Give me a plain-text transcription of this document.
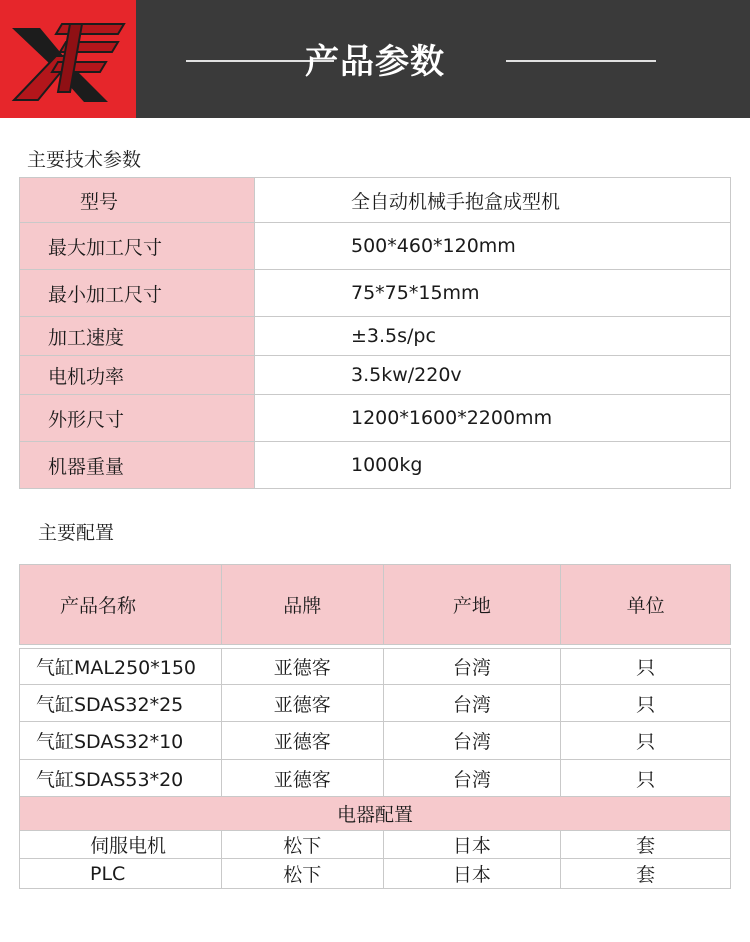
产品参数
主要技术参数
型号	全自动机械手抱盒成型机
最大加工尺寸	500*460*120mm
最小加工尺寸	75*75*15mm
加工速度	±3.5s/pc
电机功率	3.5kw/220v
外形尺寸	1200*1600*2200mm
机器重量	1000kg
主要配置
产品名称	品牌	产地	单位

气缸MAL250*150	亚德客	台湾	只
气缸SDAS32*25	亚德客	台湾	只
气缸SDAS32*10	亚德客	台湾	只
气缸SDAS53*20	亚德客	台湾	只
电器配置			
伺服电机	松下	日本	套
PLC	松下	日本	套
